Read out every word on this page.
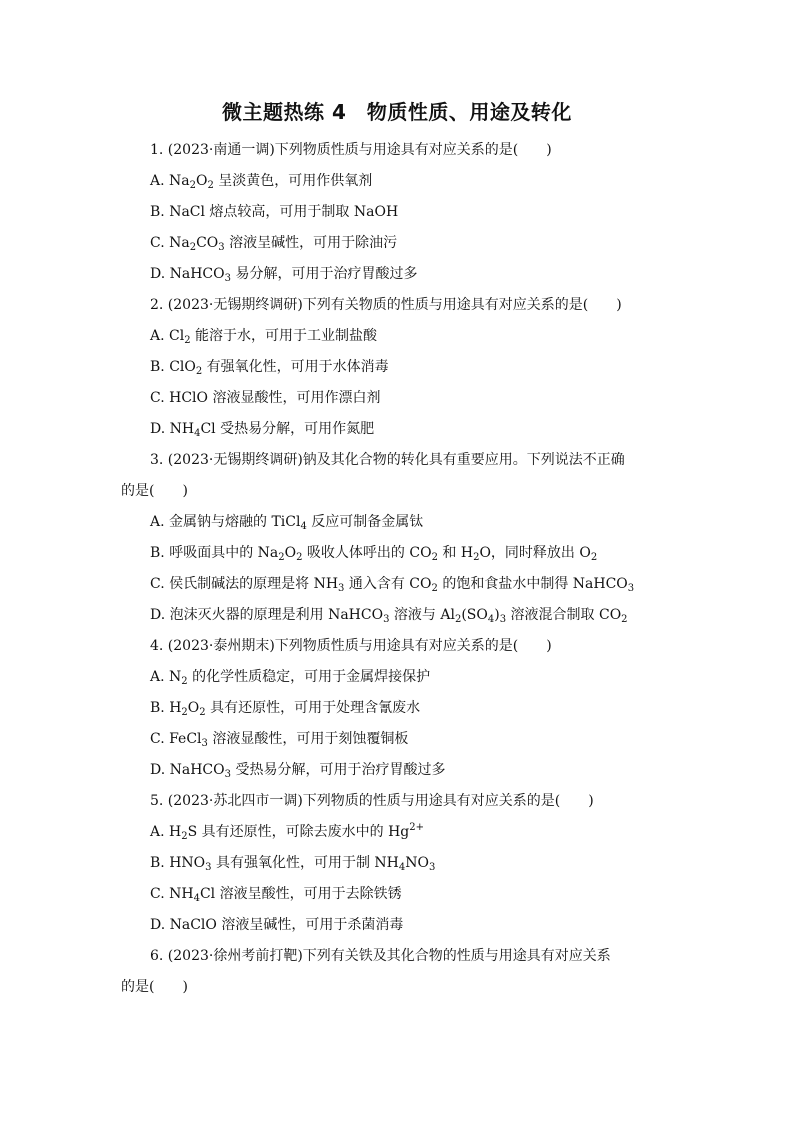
微主题热练 4　物质性质、用途及转化
1. (2023·南通一调)下列物质性质与用途具有对应关系的是(　　)
A. $Na_2O_2$ 呈淡黄色，可用作供氧剂
B. NaCl 熔点较高，可用于制取 NaOH
C. $Na_2CO_3$ 溶液呈碱性，可用于除油污
D. NaHCO$_3$ 易分解，可用于治疗胃酸过多
2. (2023·无锡期终调研)下列有关物质的性质与用途具有对应关系的是(　　)
A. $Cl_2$ 能溶于水，可用于工业制盐酸
B. ClO$_2$ 有强氧化性，可用于水体消毒
C. HClO 溶液显酸性，可用作漂白剂
D. $NH_4Cl$ 受热易分解，可用作氮肥
3. (2023·无锡期终调研)钠及其化合物的转化具有重要应用。下列说法不正确
的是(　　)
A. 金属钠与熔融的 TiCl$_4$ 反应可制备金属钛
B. 呼吸面具中的 $Na_2O_2$ 吸收人体呼出的 $CO_2$ 和 $H_2O$，同时释放出 $O_2$
C. 侯氏制碱法的原理是将 $NH_3$ 通入含有 $CO_2$ 的饱和食盐水中制得 NaHCO$_3$
D. 泡沫灭火器的原理是利用 NaHCO$_3$ 溶液与 $Al_2(SO_4)_3$ 溶液混合制取 $CO_2$
4. (2023·泰州期末)下列物质性质与用途具有对应关系的是(　　)
A. $N_2$ 的化学性质稳定，可用于金属焊接保护
B. $H_2O_2$ 具有还原性，可用于处理含氰废水
C. FeCl$_3$ 溶液显酸性，可用于刻蚀覆铜板
D. NaHCO$_3$ 受热易分解，可用于治疗胃酸过多
5. (2023·苏北四市一调)下列物质的性质与用途具有对应关系的是(　　)
A. $H_2S$ 具有还原性，可除去废水中的 $Hg^{2+}$
B. $HNO_3$ 具有强氧化性，可用于制 $NH_4NO_3$
C. $NH_4Cl$ 溶液呈酸性，可用于去除铁锈
D. NaClO 溶液呈碱性，可用于杀菌消毒
6. (2023·徐州考前打靶)下列有关铁及其化合物的性质与用途具有对应关系
的是(　　)
